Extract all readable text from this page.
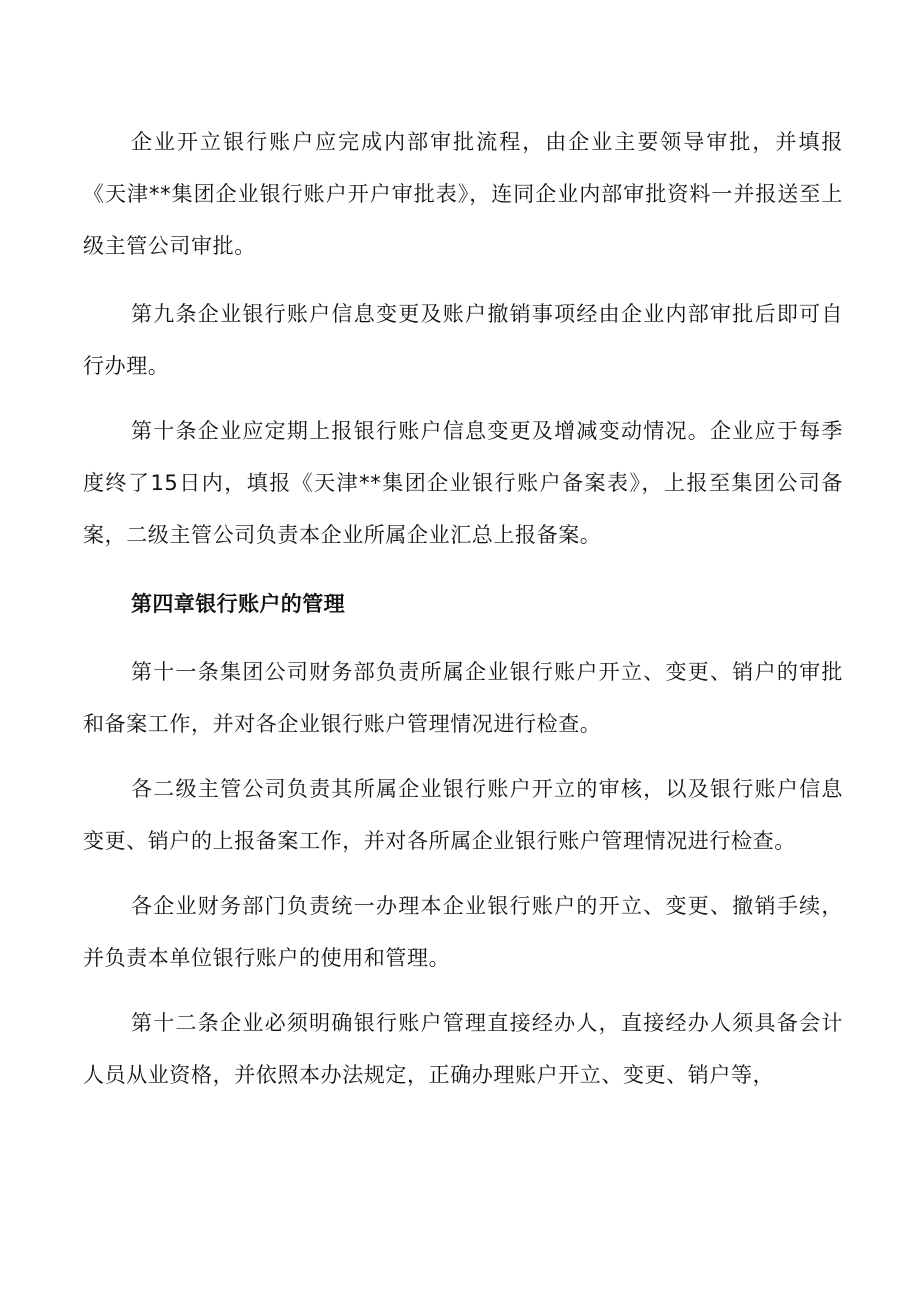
企业开立银行账户应完成内部审批流程，由企业主要领导审批，并填报《天津**集团企业银行账户开户审批表》，连同企业内部审批资料一并报送至上级主管公司审批。

第九条企业银行账户信息变更及账户撤销事项经由企业内部审批后即可自行办理。

第十条企业应定期上报银行账户信息变更及增减变动情况。企业应于每季度终了15日内，填报《天津**集团企业银行账户备案表》，上报至集团公司备案，二级主管公司负责本企业所属企业汇总上报备案。

第四章银行账户的管理

第十一条集团公司财务部负责所属企业银行账户开立、变更、销户的审批和备案工作，并对各企业银行账户管理情况进行检查。

各二级主管公司负责其所属企业银行账户开立的审核，以及银行账户信息变更、销户的上报备案工作，并对各所属企业银行账户管理情况进行检查。

各企业财务部门负责统一办理本企业银行账户的开立、变更、撤销手续，并负责本单位银行账户的使用和管理。

第十二条企业必须明确银行账户管理直接经办人，直接经办人须具备会计人员从业资格，并依照本办法规定，正确办理账户开立、变更、销户等，
